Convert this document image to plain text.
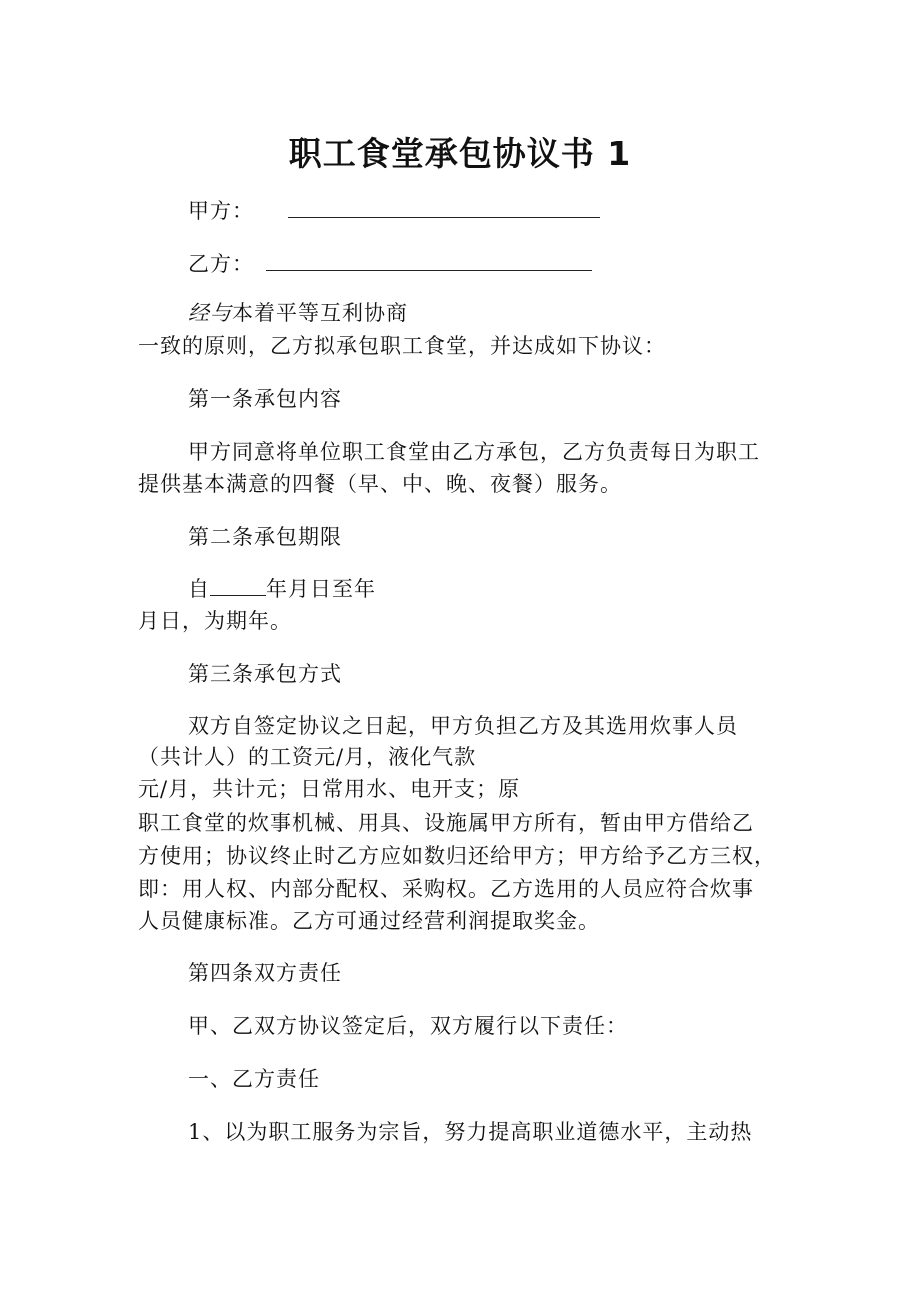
职工食堂承包协议书 1
甲方：
乙方：
经与本着平等互利协商
一致的原则，乙方拟承包职工食堂，并达成如下协议：
第一条承包内容
甲方同意将单位职工食堂由乙方承包，乙方负责每日为职工
提供基本满意的四餐（早、中、晚、夜餐）服务。
第二条承包期限
自	年月日至年
月日，为期年。
第三条承包方式
双方自签定协议之日起，甲方负担乙方及其选用炊事人员
（共计人）的工资元/月，液化气款
元/月，共计元；日常用水、电开支；原
职工食堂的炊事机械、用具、设施属甲方所有，暂由甲方借给乙
方使用；协议终止时乙方应如数归还给甲方；甲方给予乙方三权，
即：用人权、内部分配权、采购权。乙方选用的人员应符合炊事
人员健康标准。乙方可通过经营利润提取奖金。
第四条双方责任
甲、乙双方协议签定后，双方履行以下责任：
一、乙方责任
1、以为职工服务为宗旨，努力提高职业道德水平，主动热
